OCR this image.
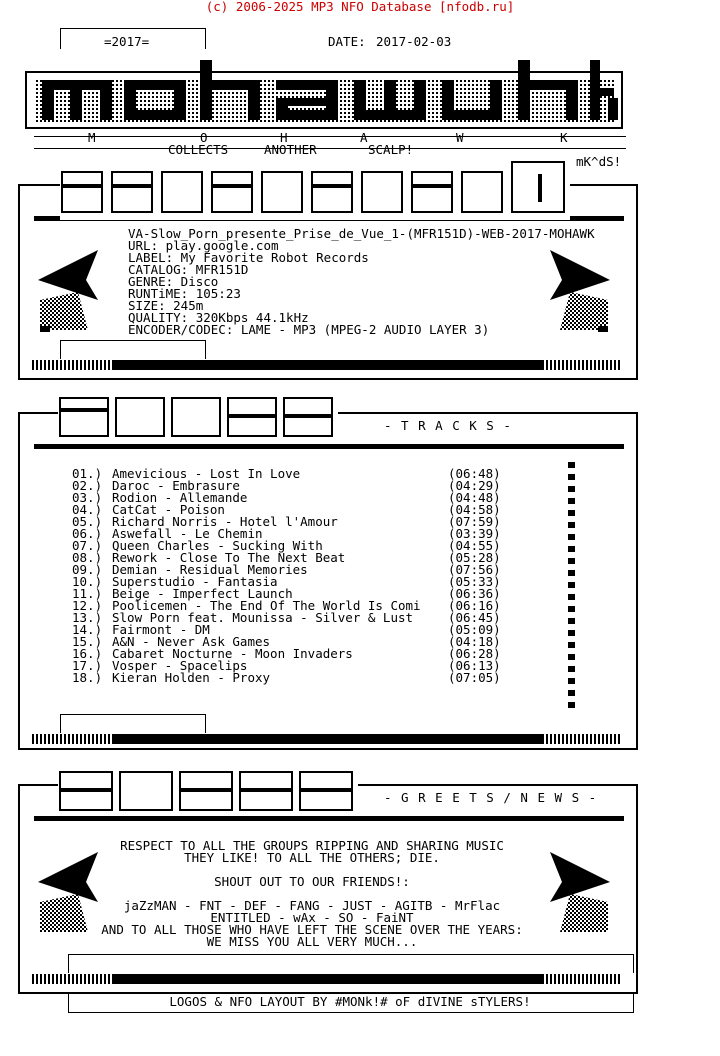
(c) 2006-2025 MP3 NFO Database [nfodb.ru]
=2017=	DATE: 2017-02-03
M	O	H	A	W	K
COLLECTS	ANOTHER	SCALP!
mK^dS!
VA-Slow_Porn_presente_Prise_de_Vue_1-(MFR151D)-WEB-2017-MOHAWK
URL: play.google.com
LABEL: My Favorite Robot Records
CATALOG: MFR151D
GENRE: Disco
RUNTiME: 105:23
SIZE: 245m
QUALITY: 320Kbps 44.1kHz
ENCODER/CODEC: LAME - MP3 (MPEG-2 AUDIO LAYER 3)
- T R A C K S -
01.) Amevicious - Lost In Love	(06:48)
02.) Daroc - Embrasure	(04:29)
03.) Rodion - Allemande	(04:48)
04.) CatCat - Poison	(04:58)
05.) Richard Norris - Hotel l'Amour	(07:59)
06.) Aswefall - Le Chemin	(03:39)
07.) Queen Charles - Sucking With	(04:55)
08.) Rework - Close To The Next Beat	(05:28)
09.) Demian - Residual Memories	(07:56)
10.) Superstudio - Fantasia	(05:33)
11.) Beige - Imperfect Launch	(06:36)
12.) Poolicemen - The End Of The World Is Comi (06:16)
13.) Slow Porn feat. Mounissa - Silver & Lust	(06:45)
14.) Fairmont - DM	(05:09)
15.) A&N - Never Ask Games	(04:18)
16.) Cabaret Nocturne - Moon Invaders	(06:28)
17.) Vosper - Spacelips	(06:13)
18.) Kieran Holden - Proxy	(07:05)
- G R E E T S / N E W S -
RESPECT TO ALL THE GROUPS RIPPING AND SHARING MUSIC
THEY LIKE! TO ALL THE OTHERS; DIE.
SHOUT OUT TO OUR FRIENDS!:
jaZzMAN - FNT - DEF - FANG - JUST - AGITB - MrFlac
ENTITLED - wAx - SO - FaiNT
AND TO ALL THOSE WHO HAVE LEFT THE SCENE OVER THE YEARS:
WE MISS YOU ALL VERY MUCH...
LOGOS & NFO LAYOUT BY #MONk!# oF dIVINE sTYLERS!
